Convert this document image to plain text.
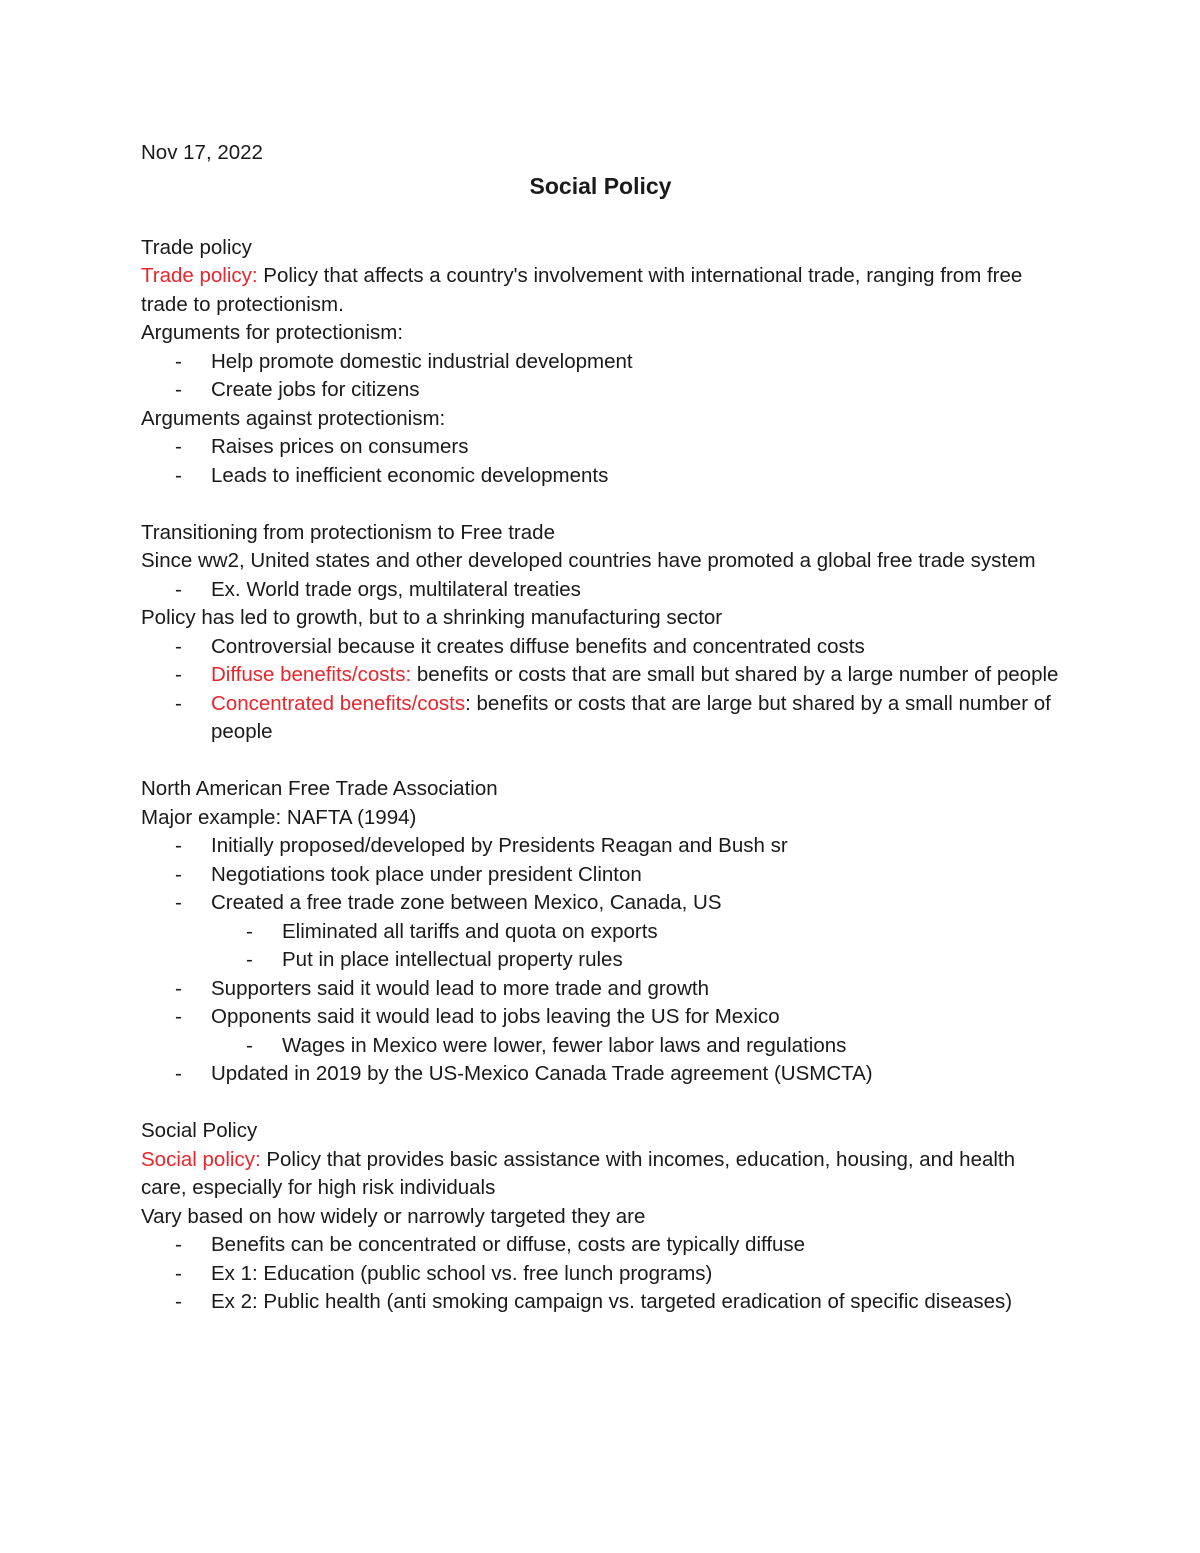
Nov 17, 2022

Social Policy

Trade policy

Trade policy: Policy that affects a country's involvement with international trade, ranging from free trade to protectionism.

Arguments for protectionism:

- Help promote domestic industrial development
- Create jobs for citizens

Arguments against protectionism:

- Raises prices on consumers
- Leads to inefficient economic developments

Transitioning from protectionism to Free trade

Since ww2, United states and other developed countries have promoted a global free trade system

- Ex. World trade orgs, multilateral treaties

Policy has led to growth, but to a shrinking manufacturing sector

- Controversial because it creates diffuse benefits and concentrated costs
- Diffuse benefits/costs: benefits or costs that are small but shared by a large number of people
- Concentrated benefits/costs: benefits or costs that are large but shared by a small number of people

North American Free Trade Association

Major example: NAFTA (1994)

- Initially proposed/developed by Presidents Reagan and Bush sr
- Negotiations took place under president Clinton
- Created a free trade zone between Mexico, Canada, US
- Eliminated all tariffs and quota on exports
- Put in place intellectual property rules
- Supporters said it would lead to more trade and growth
- Opponents said it would lead to jobs leaving the US for Mexico
- Wages in Mexico were lower, fewer labor laws and regulations
- Updated in 2019 by the US-Mexico Canada Trade agreement (USMCTA)

Social Policy

Social policy: Policy that provides basic assistance with incomes, education, housing, and health care, especially for high risk individuals

Vary based on how widely or narrowly targeted they are

- Benefits can be concentrated or diffuse, costs are typically diffuse
- Ex 1: Education (public school vs. free lunch programs)
- Ex 2: Public health (anti smoking campaign vs. targeted eradication of specific diseases)
